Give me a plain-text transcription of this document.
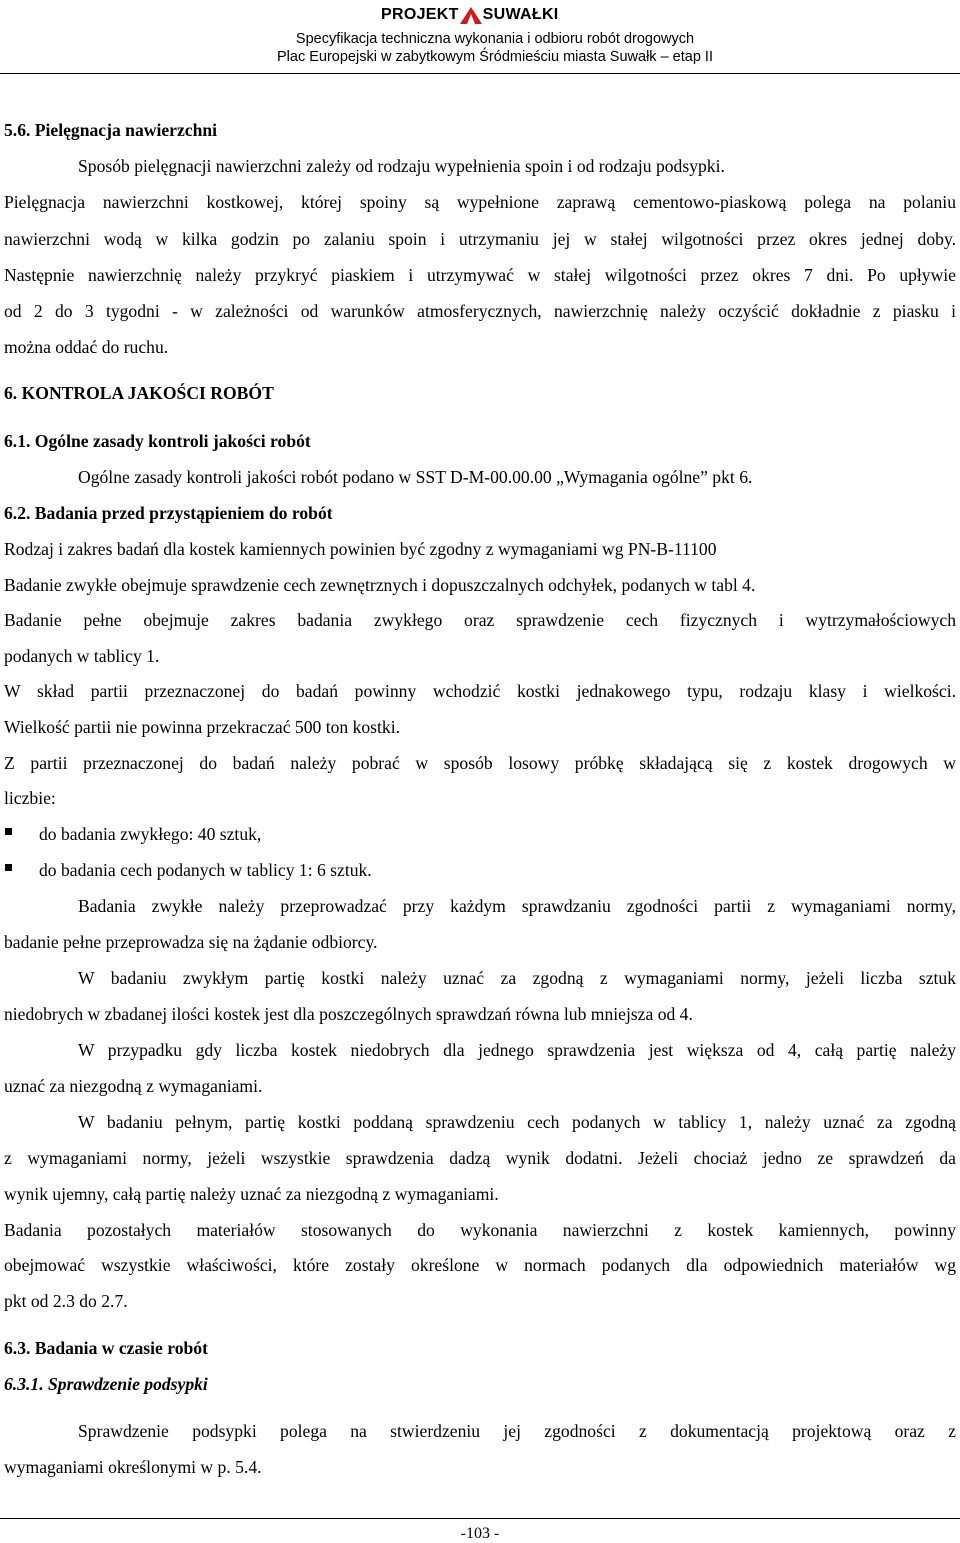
PROJEKT SUWAŁKI
Specyfikacja techniczna wykonania i odbioru robót drogowych
Plac Europejski w zabytkowym Śródmieściu miasta Suwałk – etap II
5.6. Pielęgnacja nawierzchni
Sposób pielęgnacji nawierzchni zależy od rodzaju wypełnienia spoin i od rodzaju podsypki.
Pielęgnacja nawierzchni kostkowej, której spoiny są wypełnione zaprawą cementowo-piaskową polega na polaniu
nawierzchni wodą w kilka godzin po zalaniu spoin i utrzymaniu jej w stałej wilgotności przez okres jednej doby.
Następnie nawierzchnię należy przykryć piaskiem i utrzymywać w stałej wilgotności przez okres 7 dni. Po upływie
od 2 do 3 tygodni - w zależności od warunków atmosferycznych, nawierzchnię należy oczyścić dokładnie z piasku i
można oddać do ruchu.
6. KONTROLA JAKOŚCI ROBÓT
6.1. Ogólne zasady kontroli jakości robót
Ogólne zasady kontroli jakości robót podano w SST D-M-00.00.00 „Wymagania ogólne” pkt 6.
6.2. Badania przed przystąpieniem do robót
Rodzaj i zakres badań dla kostek kamiennych powinien być zgodny z wymaganiami wg PN-B-11100
Badanie zwykłe obejmuje sprawdzenie cech zewnętrznych i dopuszczalnych odchyłek, podanych w tabl 4.
Badanie pełne obejmuje zakres badania zwykłego oraz sprawdzenie cech fizycznych i wytrzymałościowych
podanych w tablicy 1.
W skład partii przeznaczonej do badań powinny wchodzić kostki jednakowego typu, rodzaju klasy i wielkości.
Wielkość partii nie powinna przekraczać 500 ton kostki.
Z partii przeznaczonej do badań należy pobrać w sposób losowy próbkę składającą się z kostek drogowych w
liczbie:
do badania zwykłego: 40 sztuk,
do badania cech podanych w tablicy 1: 6 sztuk.
Badania zwykłe należy przeprowadzać przy każdym sprawdzaniu zgodności partii z wymaganiami normy,
badanie pełne przeprowadza się na żądanie odbiorcy.
W badaniu zwykłym partię kostki należy uznać za zgodną z wymaganiami normy, jeżeli liczba sztuk
niedobrych w zbadanej ilości kostek jest dla poszczególnych sprawdzań równa lub mniejsza od 4.
W przypadku gdy liczba kostek niedobrych dla jednego sprawdzenia jest większa od 4, całą partię należy
uznać za niezgodną z wymaganiami.
W badaniu pełnym, partię kostki poddaną sprawdzeniu cech podanych w tablicy 1, należy uznać za zgodną
z wymaganiami normy, jeżeli wszystkie sprawdzenia dadzą wynik dodatni. Jeżeli chociaż jedno ze sprawdzeń da
wynik ujemny, całą partię należy uznać za niezgodną z wymaganiami.
Badania pozostałych materiałów stosowanych do wykonania nawierzchni z kostek kamiennych, powinny
obejmować wszystkie właściwości, które zostały określone w normach podanych dla odpowiednich materiałów wg
pkt od 2.3 do 2.7.
6.3. Badania w czasie robót
6.3.1. Sprawdzenie podsypki
Sprawdzenie podsypki polega na stwierdzeniu jej zgodności z dokumentacją projektową oraz z
wymaganiami określonymi w p. 5.4.
-103 -
